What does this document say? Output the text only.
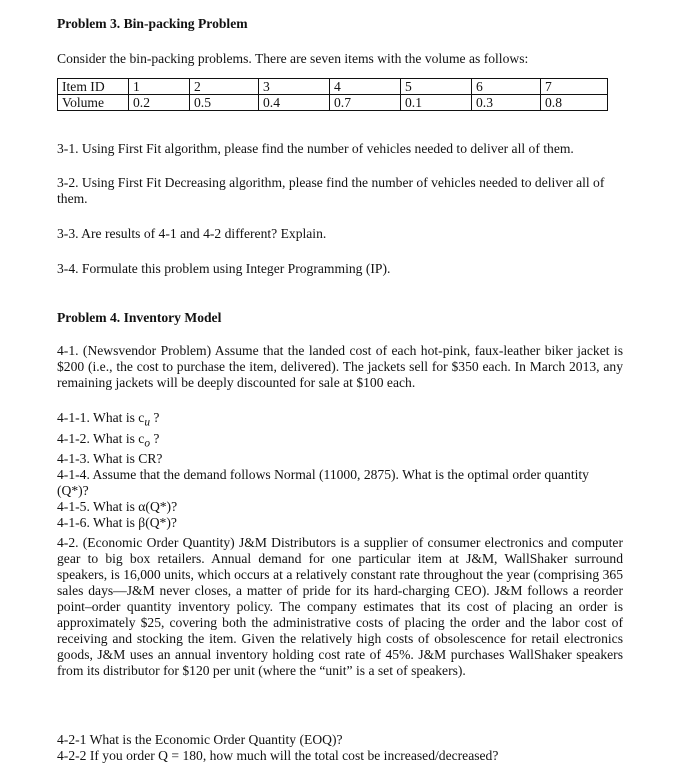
Problem 3. Bin-packing Problem

Consider the bin-packing problems. There are seven items with the volume as follows:

Item ID	1	2	3	4	5	6	7
Volume	0.2	0.5	0.4	0.7	0.1	0.3	0.8

3-1. Using First Fit algorithm, please find the number of vehicles needed to deliver all of them.

3-2. Using First Fit Decreasing algorithm, please find the number of vehicles needed to deliver all of them.

3-3. Are results of 4-1 and 4-2 different? Explain.

3-4. Formulate this problem using Integer Programming (IP).

Problem 4. Inventory Model

4-1. (Newsvendor Problem) Assume that the landed cost of each hot-pink, faux-leather biker jacket is $200 (i.e., the cost to purchase the item, delivered). The jackets sell for $350 each. In March 2013, any remaining jackets will be deeply discounted for sale at $100 each.

4-1-1. What is $c_u$ ?

4-1-2. What is $c_o$ ?

4-1-3. What is CR?

4-1-4. Assume that the demand follows Normal (11000, 2875). What is the optimal order quantity (Q*)?

4-1-5. What is α(Q*)?

4-1-6. What is β(Q*)?

4-2. (Economic Order Quantity) J&M Distributors is a supplier of consumer electronics and computer gear to big box retailers. Annual demand for one particular item at J&M, WallShaker surround speakers, is 16,000 units, which occurs at a relatively constant rate throughout the year (comprising 365 sales days—J&M never closes, a matter of pride for its hard-charging CEO). J&M follows a reorder point–order quantity inventory policy. The company estimates that its cost of placing an order is approximately $25, covering both the administrative costs of placing the order and the labor cost of receiving and stocking the item. Given the relatively high costs of obsolescence for retail electronics goods, J&M uses an annual inventory holding cost rate of 45%. J&M purchases WallShaker speakers from its distributor for $120 per unit (where the “unit” is a set of speakers).

4-2-1 What is the Economic Order Quantity (EOQ)?

4-2-2 If you order Q = 180, how much will the total cost be increased/decreased?
